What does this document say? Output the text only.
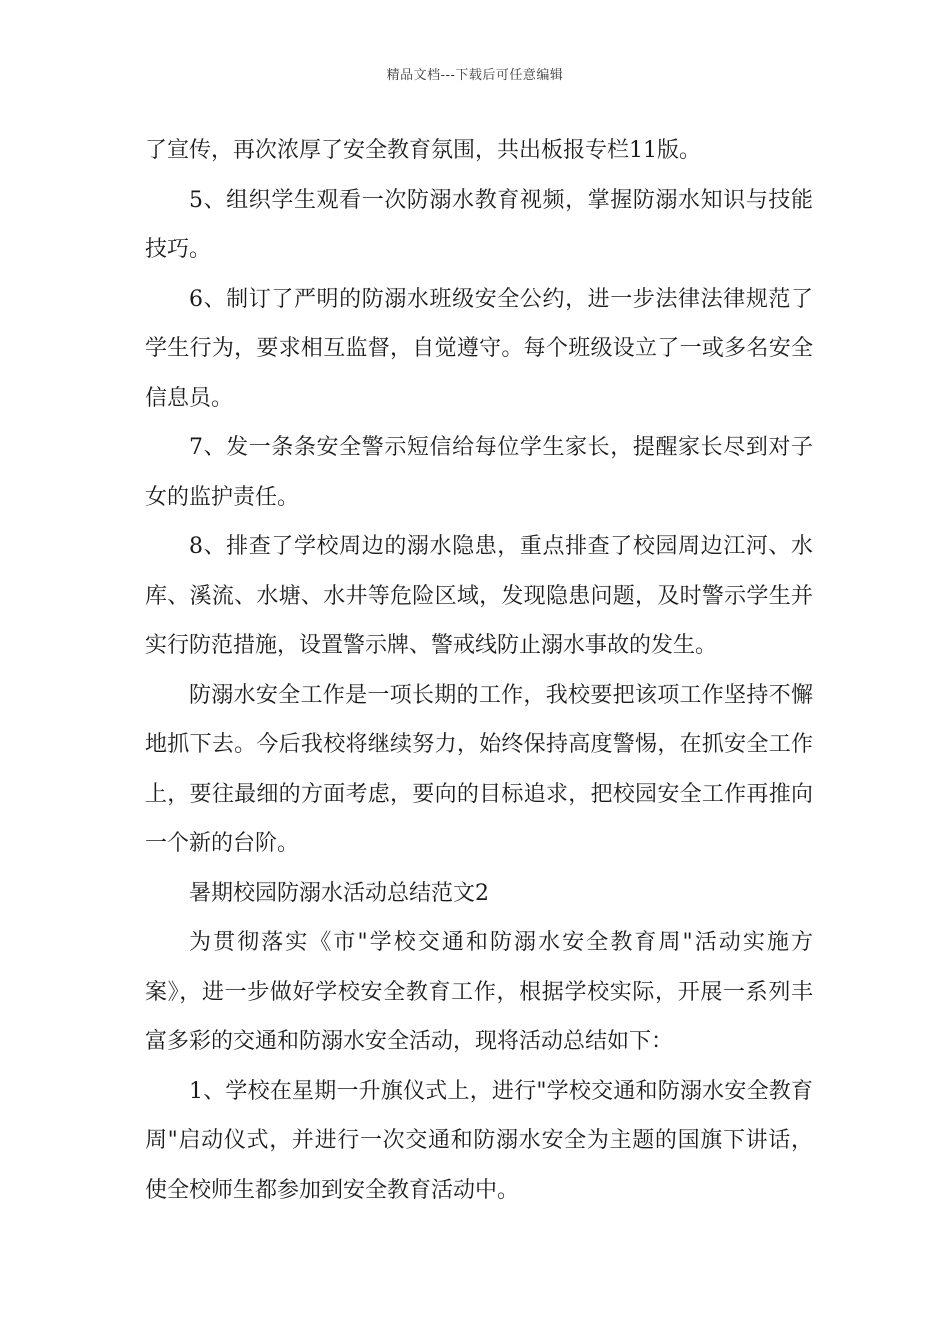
精品文档---下载后可任意编辑

了宣传，再次浓厚了安全教育氛围，共出板报专栏11版。

5、组织学生观看一次防溺水教育视频，掌握防溺水知识与技能技巧。

6、制订了严明的防溺水班级安全公约，进一步法律法律规范了学生行为，要求相互监督，自觉遵守。每个班级设立了一或多名安全信息员。

7、发一条条安全警示短信给每位学生家长，提醒家长尽到对子女的监护责任。

8、排查了学校周边的溺水隐患，重点排查了校园周边江河、水库、溪流、水塘、水井等危险区域，发现隐患问题，及时警示学生并实行防范措施，设置警示牌、警戒线防止溺水事故的发生。

防溺水安全工作是一项长期的工作，我校要把该项工作坚持不懈地抓下去。今后我校将继续努力，始终保持高度警惕，在抓安全工作上，要往最细的方面考虑，要向的目标追求，把校园安全工作再推向一个新的台阶。

暑期校园防溺水活动总结范文2

为贯彻落实《市"学校交通和防溺水安全教育周"活动实施方案》，进一步做好学校安全教育工作，根据学校实际，开展一系列丰富多彩的交通和防溺水安全活动，现将活动总结如下：

1、学校在星期一升旗仪式上，进行"学校交通和防溺水安全教育周"启动仪式，并进行一次交通和防溺水安全为主题的国旗下讲话，使全校师生都参加到安全教育活动中。
